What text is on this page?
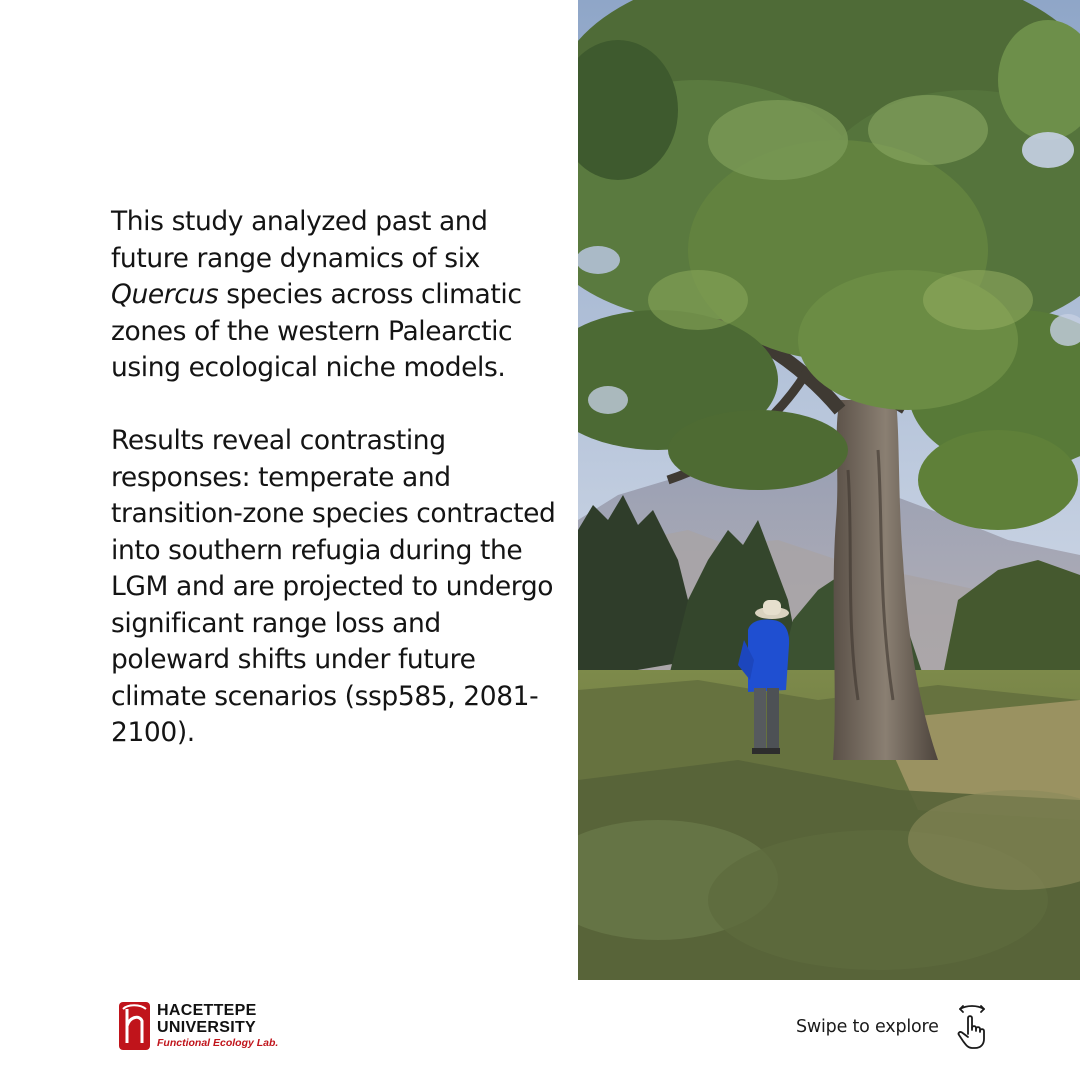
This study analyzed past and future range dynamics of six Quercus species across climatic zones of the western Palearctic using ecological niche models.

Results reveal contrasting responses: temperate and transition-zone species contracted into southern refugia during the LGM and are projected to undergo significant range loss and poleward shifts under future climate scenarios (ssp585, 2081-2100).

HACETTEPE
UNIVERSITY
Functional Ecology Lab.
Swipe to explore
